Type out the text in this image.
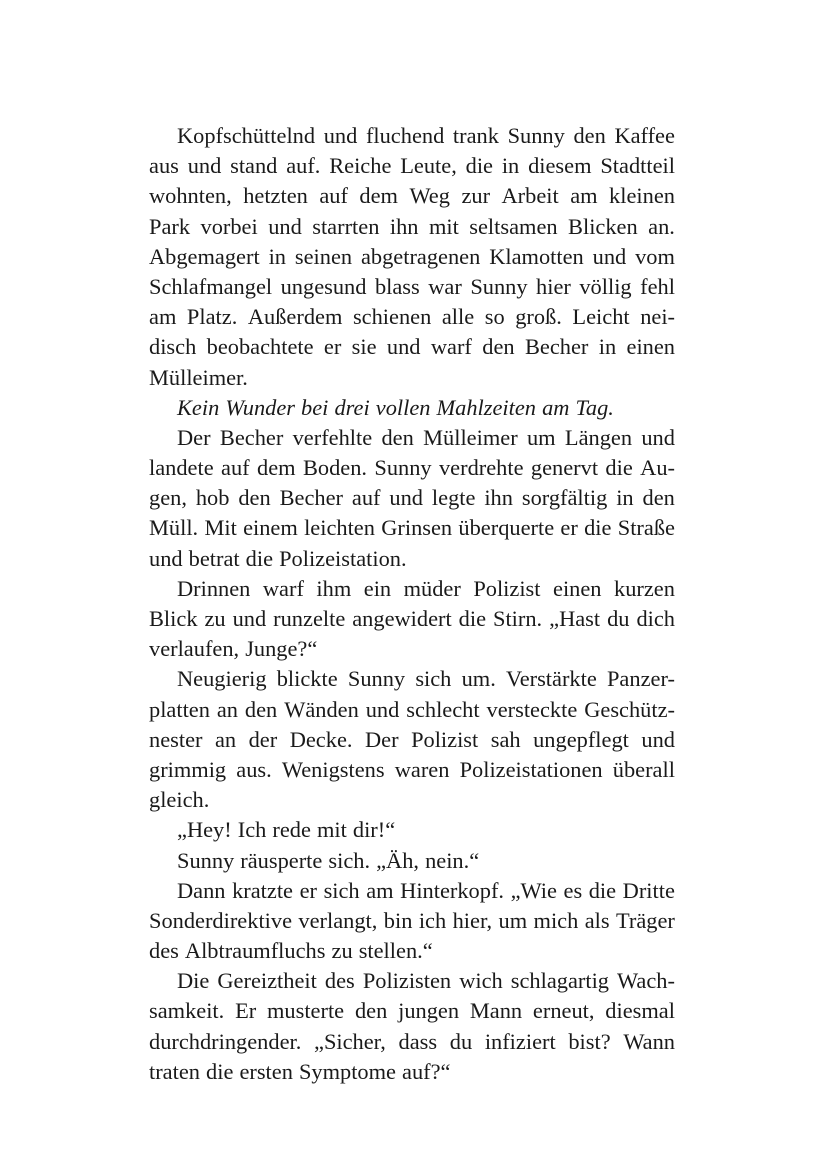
Kopfschüttelnd und fluchend trank Sunny den Kaffee
aus und stand auf. Reiche Leute, die in diesem Stadtteil
wohnten, hetzten auf dem Weg zur Arbeit am kleinen
Park vorbei und starrten ihn mit seltsamen Blicken an.
Abgemagert in seinen abgetragenen Klamotten und vom
Schlafmangel ungesund blass war Sunny hier völlig fehl
am Platz. Außerdem schienen alle so groß. Leicht nei-
disch beobachtete er sie und warf den Becher in einen
Mülleimer.
Kein Wunder bei drei vollen Mahlzeiten am Tag.
Der Becher verfehlte den Mülleimer um Längen und
landete auf dem Boden. Sunny verdrehte genervt die Au-
gen, hob den Becher auf und legte ihn sorgfältig in den
Müll. Mit einem leichten Grinsen überquerte er die Straße
und betrat die Polizeistation.
Drinnen warf ihm ein müder Polizist einen kurzen
Blick zu und runzelte angewidert die Stirn. „Hast du dich
verlaufen, Junge?“
Neugierig blickte Sunny sich um. Verstärkte Panzer-
platten an den Wänden und schlecht versteckte Geschütz-
nester an der Decke. Der Polizist sah ungepflegt und
grimmig aus. Wenigstens waren Polizeistationen überall
gleich.
„Hey! Ich rede mit dir!“
Sunny räusperte sich. „Äh, nein.“
Dann kratzte er sich am Hinterkopf. „Wie es die Dritte
Sonderdirektive verlangt, bin ich hier, um mich als Träger
des Albtraumfluchs zu stellen.“
Die Gereiztheit des Polizisten wich schlagartig Wach-
samkeit. Er musterte den jungen Mann erneut, diesmal
durchdringender. „Sicher, dass du infiziert bist? Wann
traten die ersten Symptome auf?“
